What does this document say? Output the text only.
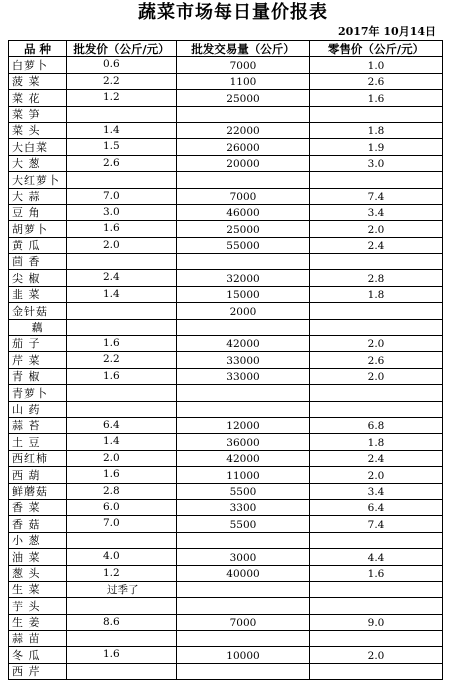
蔬菜市场每日量价报表
2017年 10月14日
品 种	批发价（公斤/元）	批发交易量（公斤）	零售价（公斤/元）
白萝卜	0.6	7000	1.0
菠 菜	2.2	1100	2.6
菜 花	1.2	25000	1.6
菜 笋			
菜 头	1.4	22000	1.8
大白菜	1.5	26000	1.9
大 葱	2.6	20000	3.0
大红萝卜			
大 蒜	7.0	7000	7.4
豆 角	3.0	46000	3.4
胡萝卜	1.6	25000	2.0
黄 瓜	2.0	55000	2.4
茴 香			
尖 椒	2.4	32000	2.8
韭 菜	1.4	15000	1.8
金针菇		2000	
藕			
茄 子	1.6	42000	2.0
芹 菜	2.2	33000	2.6
青 椒	1.6	33000	2.0
青萝卜			
山 药			
蒜 苔	6.4	12000	6.8
土 豆	1.4	36000	1.8
西红柿	2.0	42000	2.4
西 葫	1.6	11000	2.0
鲜蘑菇	2.8	5500	3.4
香 菜	6.0	3300	6.4
香 菇	7.0	5500	7.4
小 葱			
油 菜	4.0	3000	4.4
葱 头	1.2	40000	1.6
生 菜	过季了		
芋 头			
生 姜	8.6	7000	9.0
蒜 苗			
冬 瓜	1.6	10000	2.0
西 芹			
